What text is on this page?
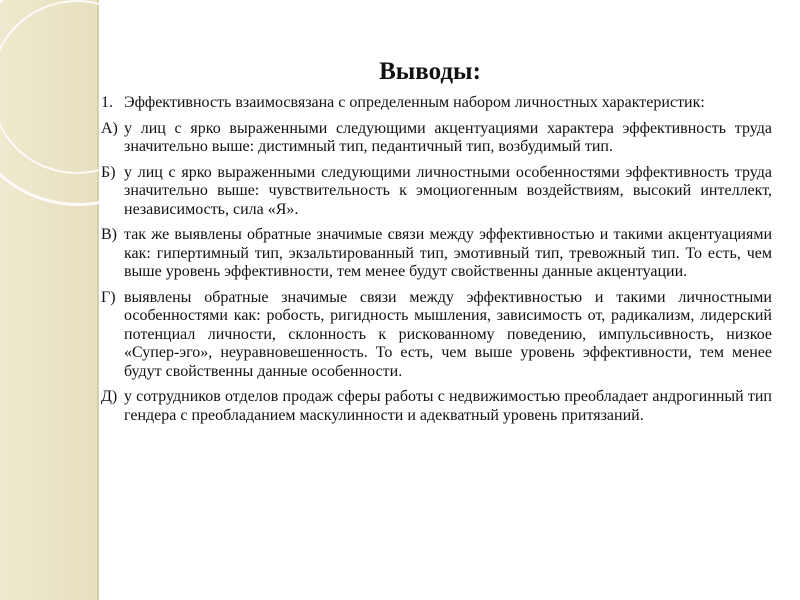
Выводы:

1. Эффективность взаимосвязана с определенным набором личностных характеристик:

А) у лиц с ярко выраженными следующими акцентуациями характера эффективность труда значительно выше: дистимный тип, педантичный тип, возбудимый тип.

Б) у лиц с ярко выраженными следующими личностными особенностями эффективность труда значительно выше: чувствительность к эмоциогенным воздействиям, высокий интеллект, независимость, сила «Я».

В) так же выявлены обратные значимые связи между эффективностью и такими акцентуациями как: гипертимный тип, экзальтированный тип, эмотивный тип, тревожный тип. То есть, чем выше уровень эффективности, тем менее будут свойственны данные акцентуации.

Г) выявлены обратные значимые связи между эффективностью и такими личностными особенностями как: робость, ригидность мышления, зависимость от, радикализм, лидерский потенциал личности, склонность к рискованному поведению, импульсивность, низкое «Супер-эго», неуравновешенность. То есть, чем выше уровень эффективности, тем менее будут свойственны данные особенности.

Д) у сотрудников отделов продаж сферы работы с недвижимостью преобладает андрогинный тип гендера с преобладанием маскулинности и адекватный уровень притязаний.
